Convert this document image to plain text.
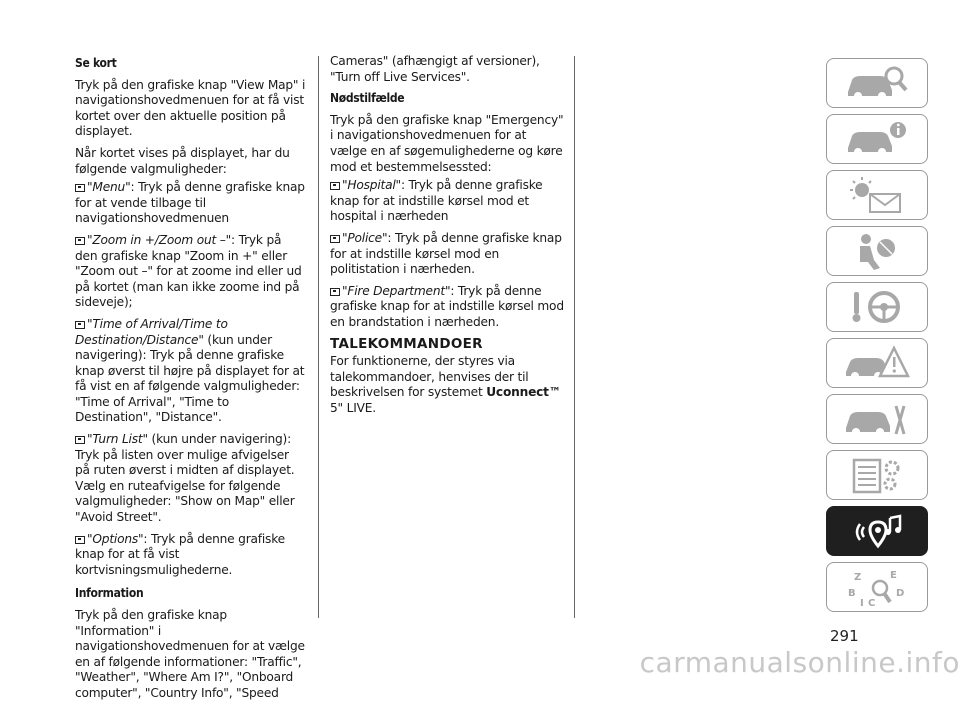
Se kort

Tryk på den grafiske knap "View Map" i navigationshovedmenuen for at få vist kortet over den aktuelle position på displayet.

Når kortet vises på displayet, har du følgende valgmuligheder:

"Menu": Tryk på denne grafiske knap for at vende tilbage til navigationshovedmenuen

"Zoom in +/Zoom out –": Tryk på den grafiske knap "Zoom in +" eller "Zoom out –" for at zoome ind eller ud på kortet (man kan ikke zoome ind på sideveje);

"Time of Arrival/Time to Destination/Distance" (kun under navigering): Tryk på denne grafiske knap øverst til højre på displayet for at få vist en af følgende valgmuligheder: "Time of Arrival", "Time to Destination", "Distance".

"Turn List" (kun under navigering): Tryk på listen over mulige afvigelser på ruten øverst i midten af displayet. Vælg en ruteafvigelse for følgende valgmuligheder: "Show on Map" eller "Avoid Street".

"Options": Tryk på denne grafiske knap for at få vist kortvisningsmulighederne.

Information

Tryk på den grafiske knap "Information" i navigationshovedmenuen for at vælge en af følgende informationer: "Traffic", "Weather", "Where Am I?", "Onboard computer", "Country Info", "Speed

Cameras" (afhængigt af versioner), "Turn off Live Services".

Nødstilfælde

Tryk på den grafiske knap "Emergency" i navigationshovedmenuen for at vælge en af søgemulighederne og køre mod et bestemmelsessted:

"Hospital": Tryk på denne grafiske knap for at indstille kørsel mod et hospital i nærheden

"Police": Tryk på denne grafiske knap for at indstille kørsel mod en politistation i nærheden.

"Fire Department": Tryk på denne grafiske knap for at indstille kørsel mod en brandstation i nærheden.

TALEKOMMANDOER

For funktionerne, der styres via talekommandoer, henvises der til beskrivelsen for systemet Uconnect™ 5" LIVE.

Z	E
B	D
I C
291
carmanualsonline.info
